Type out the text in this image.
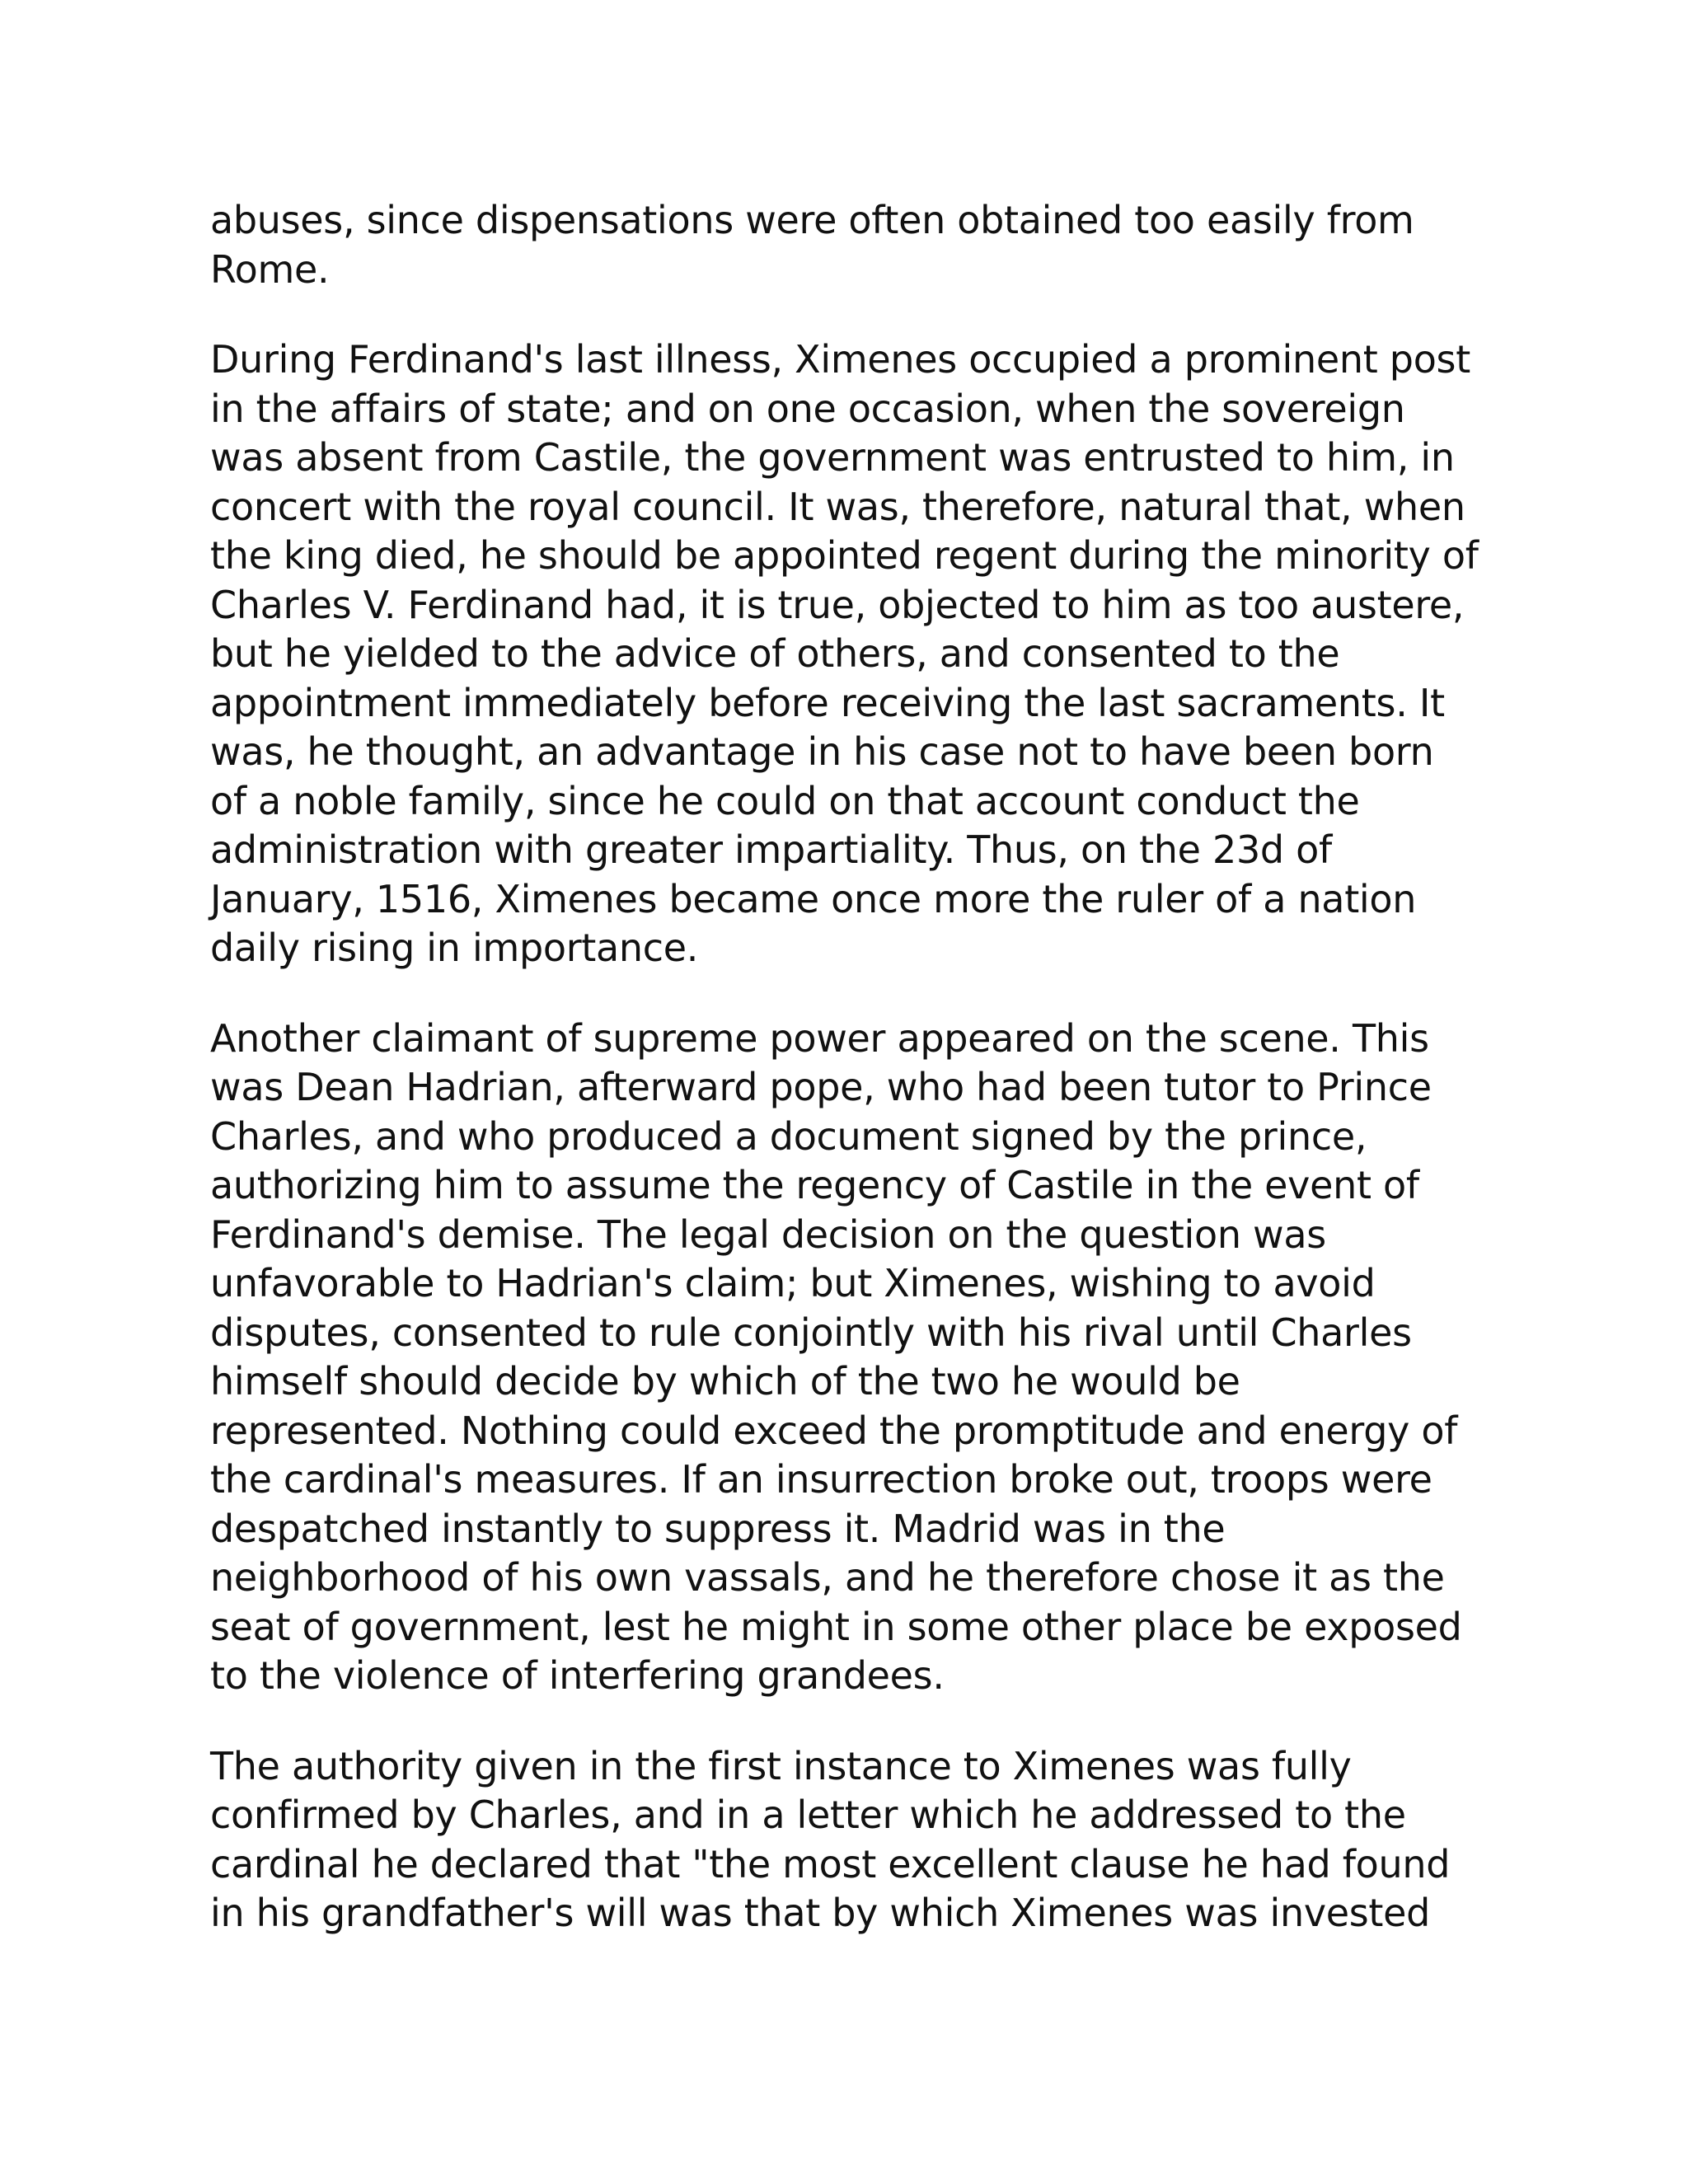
abuses, since dispensations were often obtained too easily from
Rome.

During Ferdinand's last illness, Ximenes occupied a prominent post
in the affairs of state; and on one occasion, when the sovereign
was absent from Castile, the government was entrusted to him, in
concert with the royal council. It was, therefore, natural that, when
the king died, he should be appointed regent during the minority of
Charles V. Ferdinand had, it is true, objected to him as too austere,
but he yielded to the advice of others, and consented to the
appointment immediately before receiving the last sacraments. It
was, he thought, an advantage in his case not to have been born
of a noble family, since he could on that account conduct the
administration with greater impartiality. Thus, on the 23d of
January, 1516, Ximenes became once more the ruler of a nation
daily rising in importance.

Another claimant of supreme power appeared on the scene. This
was Dean Hadrian, afterward pope, who had been tutor to Prince
Charles, and who produced a document signed by the prince,
authorizing him to assume the regency of Castile in the event of
Ferdinand's demise. The legal decision on the question was
unfavorable to Hadrian's claim; but Ximenes, wishing to avoid
disputes, consented to rule conjointly with his rival until Charles
himself should decide by which of the two he would be
represented. Nothing could exceed the promptitude and energy of
the cardinal's measures. If an insurrection broke out, troops were
despatched instantly to suppress it. Madrid was in the
neighborhood of his own vassals, and he therefore chose it as the
seat of government, lest he might in some other place be exposed
to the violence of interfering grandees.

The authority given in the first instance to Ximenes was fully
confirmed by Charles, and in a letter which he addressed to the
cardinal he declared that "the most excellent clause he had found
in his grandfather's will was that by which Ximenes was invested
